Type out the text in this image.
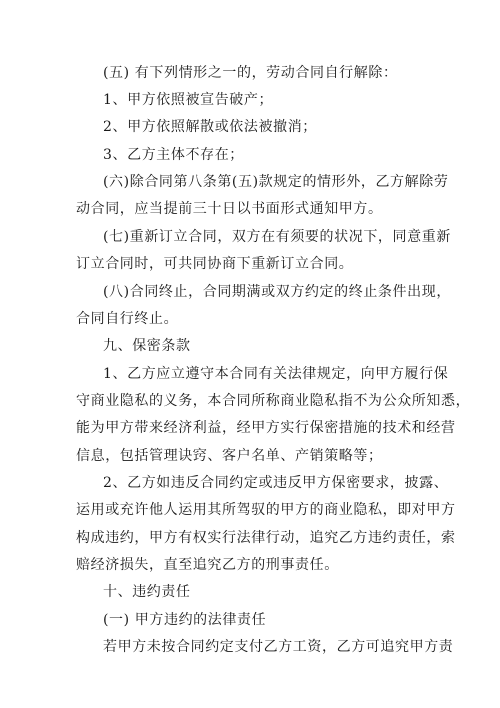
(五) 有下列情形之一的，劳动合同自行解除：
1、甲方依照被宣告破产；
2、甲方依照解散或依法被撤消；
3、乙方主体不存在；
(六)除合同第八条第(五)款规定的情形外，乙方解除劳
动合同，应当提前三十日以书面形式通知甲方。
(七)重新订立合同，双方在有须要的状况下，同意重新
订立合同时，可共同协商下重新订立合同。
(八)合同终止，合同期满或双方约定的终止条件出现，
合同自行终止。
九、保密条款
1、乙方应立遵守本合同有关法律规定，向甲方履行保
守商业隐私的义务，本合同所称商业隐私指不为公众所知悉，
能为甲方带来经济利益，经甲方实行保密措施的技术和经营
信息，包括管理诀窍、客户名单、产销策略等；
2、乙方如违反合同约定或违反甲方保密要求，披露、
运用或充许他人运用其所驾驭的甲方的商业隐私，即对甲方
构成违约，甲方有权实行法律行动，追究乙方违约责任，索
赔经济损失，直至追究乙方的刑事责任。
十、违约责任
(一) 甲方违约的法律责任
若甲方未按合同约定支付乙方工资，乙方可追究甲方责
